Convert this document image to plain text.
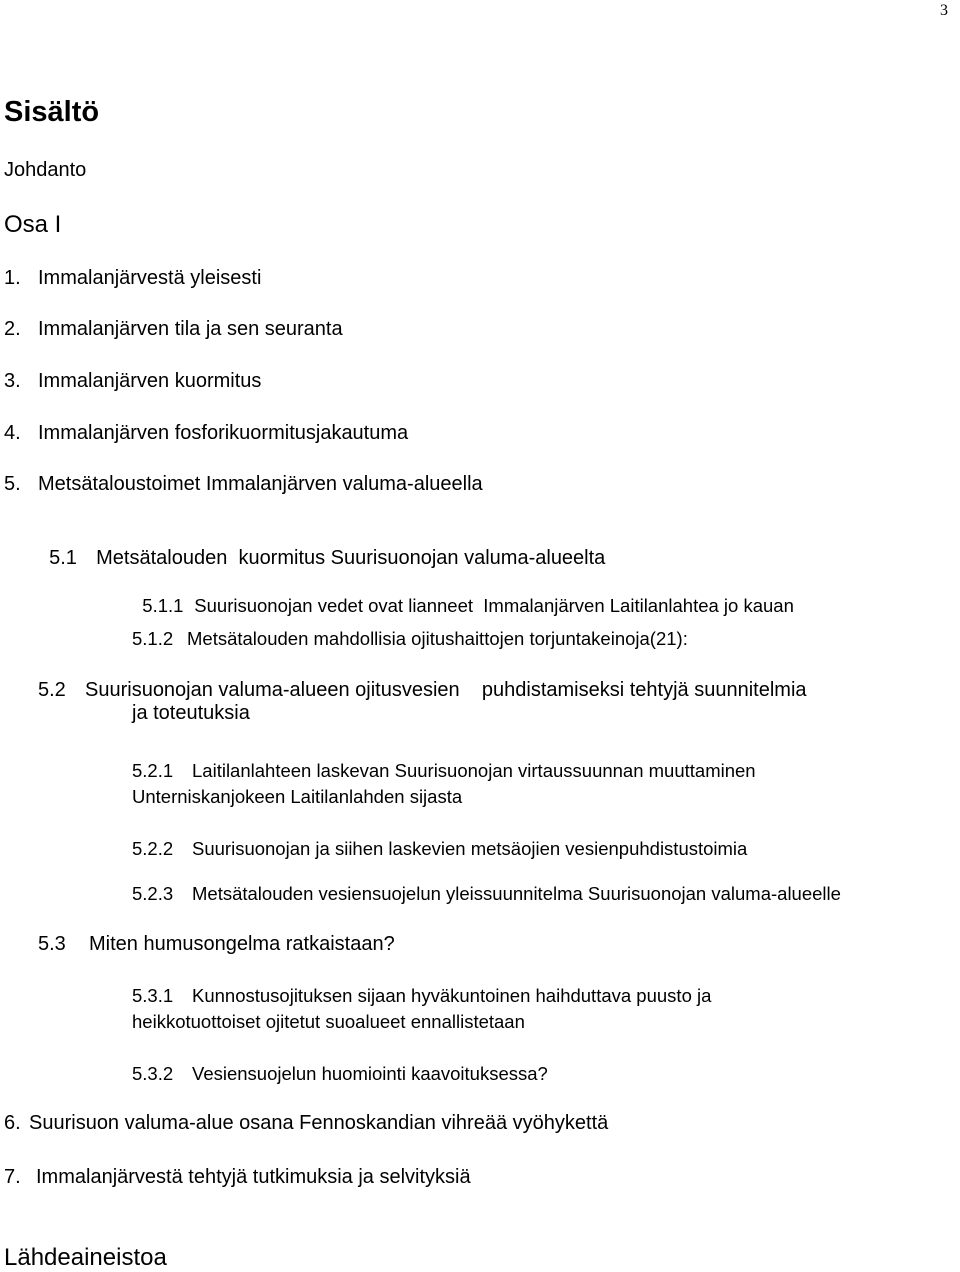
3
Sisältö
Johdanto
Osa I
1. Immalanjärvestä yleisesti
2. Immalanjärven tila ja sen seuranta
3. Immalanjärven kuormitus
4. Immalanjärven fosforikuormitusjakautuma
5. Metsätaloustoimet Immalanjärven valuma-alueella

5.1 Metsätalouden  kuormitus Suurisuonojan valuma-alueelta

5.1.1 Suurisuonojan vedet ovat lianneet  Immalanjärven Laitilanlahtea jo kauan

5.1.2 Metsätalouden mahdollisia ojitushaittojen torjuntakeinoja(21):
5.2 Suurisuonojan valuma-alueen ojitusvesien    puhdistamiseksi tehtyjä suunnitelmia
ja toteutuksia
5.2.1 Laitilanlahteen laskevan Suurisuonojan virtaussuunnan muuttaminen
Unterniskanjokeen Laitilanlahden sijasta
5.2.2 Suurisuonojan ja siihen laskevien metsäojien vesienpuhdistustoimia
5.2.3 Metsätalouden vesiensuojelun yleissuunnitelma Suurisuonojan valuma-alueelle
5.3 Miten humusongelma ratkaistaan?
5.3.1 Kunnostusojituksen sijaan hyväkuntoinen haihduttava puusto ja
heikkotuottoiset ojitetut suoalueet ennallistetaan
5.3.2 Vesiensuojelun huomiointi kaavoituksessa?
6. Suurisuon valuma-alue osana Fennoskandian vihreää vyöhykettä
7. Immalanjärvestä tehtyjä tutkimuksia ja selvityksiä
Lähdeaineistoa
